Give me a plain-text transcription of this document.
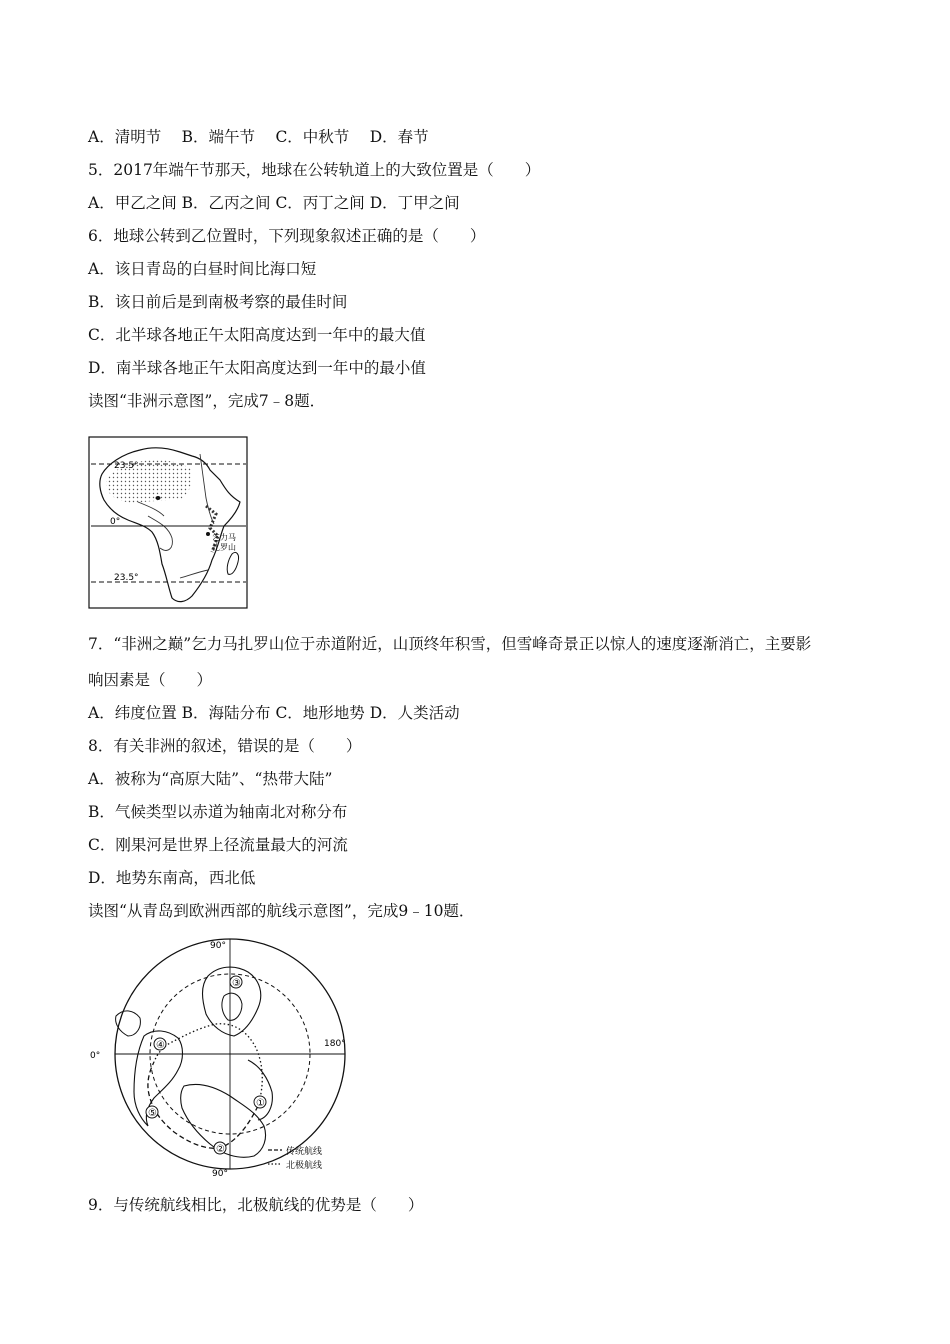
A．清明节　 B．端午节　 C．中秋节　 D．春节
5．2017年端午节那天，地球在公转轨道上的大致位置是（　　）
A．甲乙之间 B．乙丙之间 C．丙丁之间 D．丁甲之间
6．地球公转到乙位置时，下列现象叙述正确的是（　　）
A．该日青岛的白昼时间比海口短
B．该日前后是到南极考察的最佳时间
C．北半球各地正午太阳高度达到一年中的最大值
D．南半球各地正午太阳高度达到一年中的最小值
读图“非洲示意图”，完成7﹣8题．
23.5°
0°
23.5°
乞力马
扎罗山
7．“非洲之巅”乞力马扎罗山位于赤道附近，山顶终年积雪，但雪峰奇景正以惊人的速度逐渐消亡，主要影
响因素是（　　）
A．纬度位置 B．海陆分布 C．地形地势 D．人类活动
8．有关非洲的叙述，错误的是（　　）
A．被称为“高原大陆”、“热带大陆”
B．气候类型以赤道为轴南北对称分布
C．刚果河是世界上径流量最大的河流
D．地势东南高，西北低
读图“从青岛到欧洲西部的航线示意图”，完成9﹣10题．
①
②
⑤
④
③
90°
0°
180°
90°
传统航线
北极航线
9．与传统航线相比，北极航线的优势是（　　）
